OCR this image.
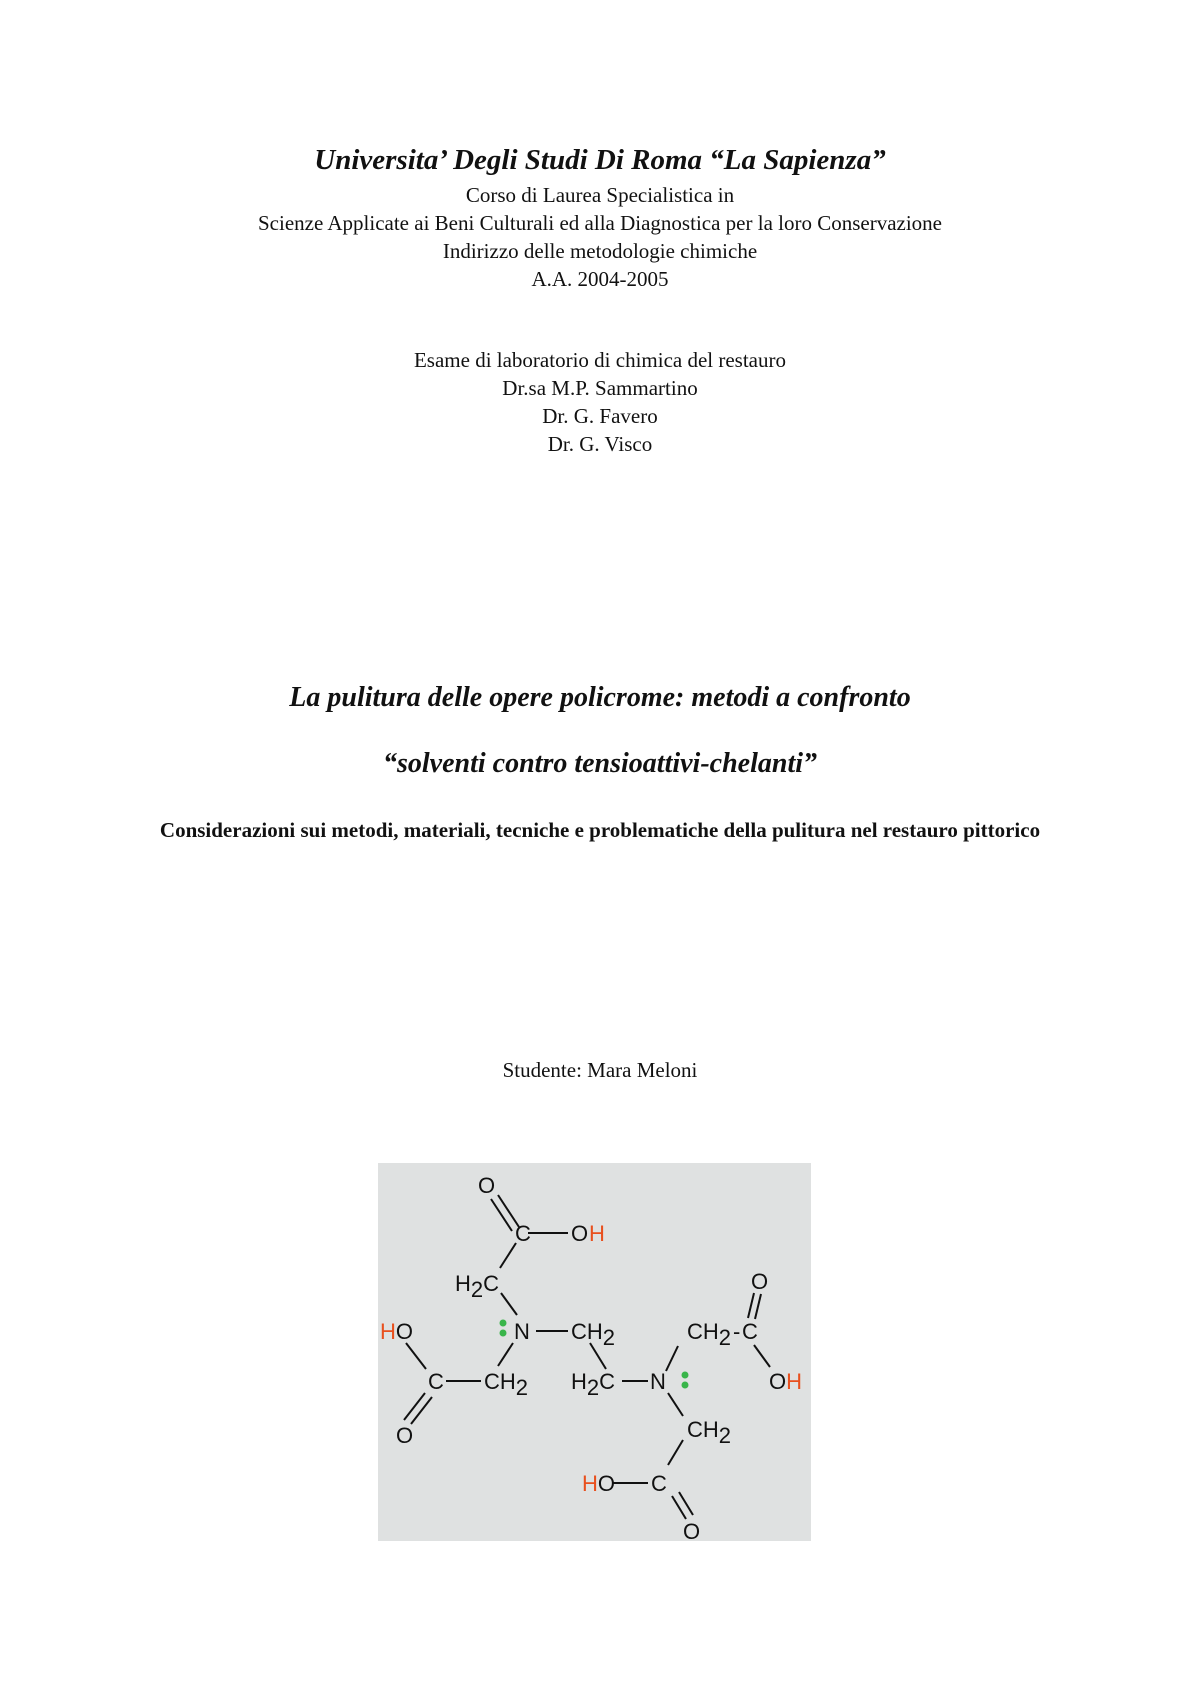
Universita’ Degli Studi Di Roma “La Sapienza”
Corso di Laurea Specialistica in
Scienze Applicate ai Beni Culturali ed alla Diagnostica per la loro Conservazione
Indirizzo delle metodologie chimiche
A.A. 2004-2005
Esame di laboratorio di chimica del restauro
Dr.sa M.P. Sammartino
Dr. G. Favero
Dr. G. Visco
La pulitura delle opere policrome: metodi a confronto
“solventi contro tensioattivi-chelanti”
Considerazioni sui metodi, materiali, tecniche e problematiche della pulitura nel restauro pittorico
Studente: Mara Meloni
O
C O H
H2C
N CH2
HO
C CH2
O
H2C N
CH2 - C
O
OH
CH2
HO C
O
